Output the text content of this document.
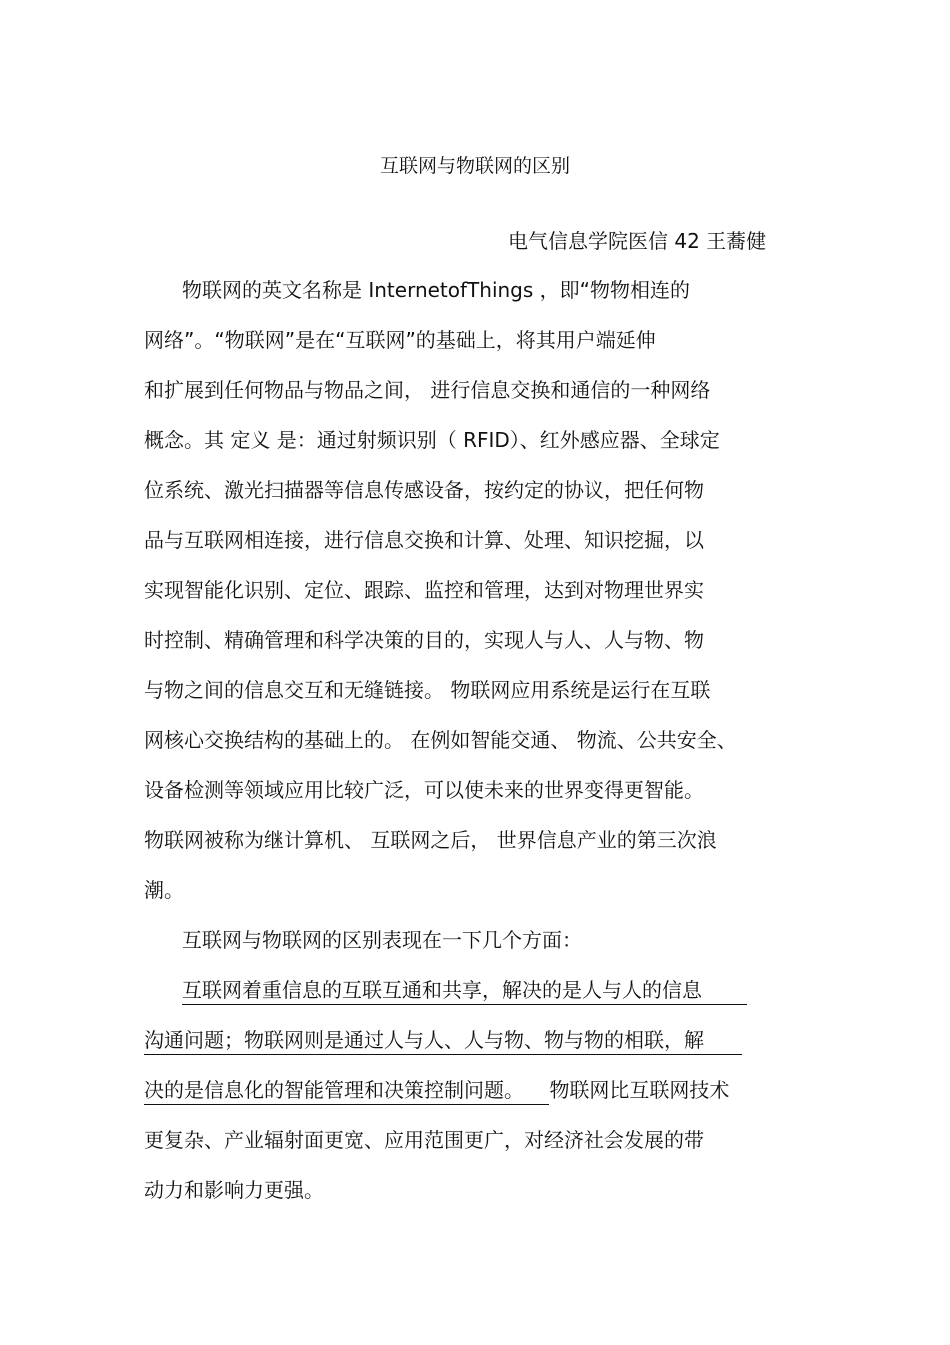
互联网与物联网的区别
电气信息学院医信 42 王蕎健
物联网的英文名称是 InternetofThings ，即“物物相连的
网络”。“物联网”是在“互联网”的基础上，将其用户端延伸
和扩展到任何物品与物品之间， 进行信息交换和通信的一种网络
概念。其 定义 是：通过射频识别（ RFID）、红外感应器、全球定
位系统、激光扫描器等信息传感设备，按约定的协议，把任何物
品与互联网相连接，进行信息交换和计算、处理、知识挖掘，以
实现智能化识别、定位、跟踪、监控和管理，达到对物理世界实
时控制、精确管理和科学决策的目的，实现人与人、人与物、物
与物之间的信息交互和无缝链接。 物联网应用系统是运行在互联
网核心交换结构的基础上的。 在例如智能交通、 物流、公共安全、
设备检测等领域应用比较广泛，可以使未来的世界变得更智能。
物联网被称为继计算机、 互联网之后， 世界信息产业的第三次浪
潮。
互联网与物联网的区别表现在一下几个方面：
互联网着重信息的互联互通和共享，解决的是人与人的信息
沟通问题；物联网则是通过人与人、人与物、物与物的相联，解
决的是信息化的智能管理和决策控制问题。    物联网比互联网技术
更复杂、产业辐射面更宽、应用范围更广，对经济社会发展的带
动力和影响力更强。
